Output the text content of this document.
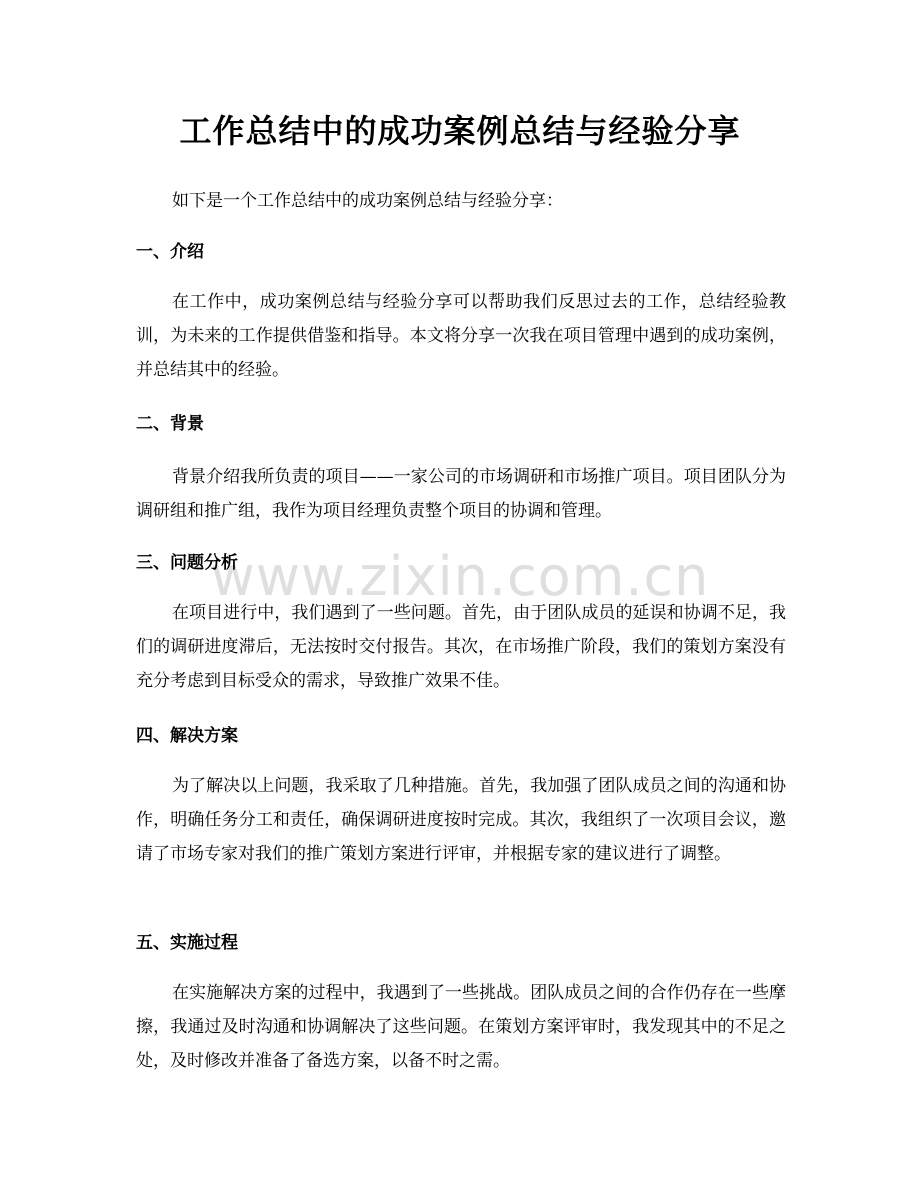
工作总结中的成功案例总结与经验分享

如下是一个工作总结中的成功案例总结与经验分享：

一、介绍

在工作中，成功案例总结与经验分享可以帮助我们反思过去的工作，总结经验教训，为未来的工作提供借鉴和指导。本文将分享一次我在项目管理中遇到的成功案例，并总结其中的经验。

二、背景

背景介绍我所负责的项目——一家公司的市场调研和市场推广项目。项目团队分为调研组和推广组，我作为项目经理负责整个项目的协调和管理。

www.zixin.com.cn
三、问题分析

在项目进行中，我们遇到了一些问题。首先，由于团队成员的延误和协调不足，我们的调研进度滞后，无法按时交付报告。其次，在市场推广阶段，我们的策划方案没有充分考虑到目标受众的需求，导致推广效果不佳。

四、解决方案

为了解决以上问题，我采取了几种措施。首先，我加强了团队成员之间的沟通和协作，明确任务分工和责任，确保调研进度按时完成。其次，我组织了一次项目会议，邀请了市场专家对我们的推广策划方案进行评审，并根据专家的建议进行了调整。

五、实施过程

在实施解决方案的过程中，我遇到了一些挑战。团队成员之间的合作仍存在一些摩擦，我通过及时沟通和协调解决了这些问题。在策划方案评审时，我发现其中的不足之处，及时修改并准备了备选方案，以备不时之需。
